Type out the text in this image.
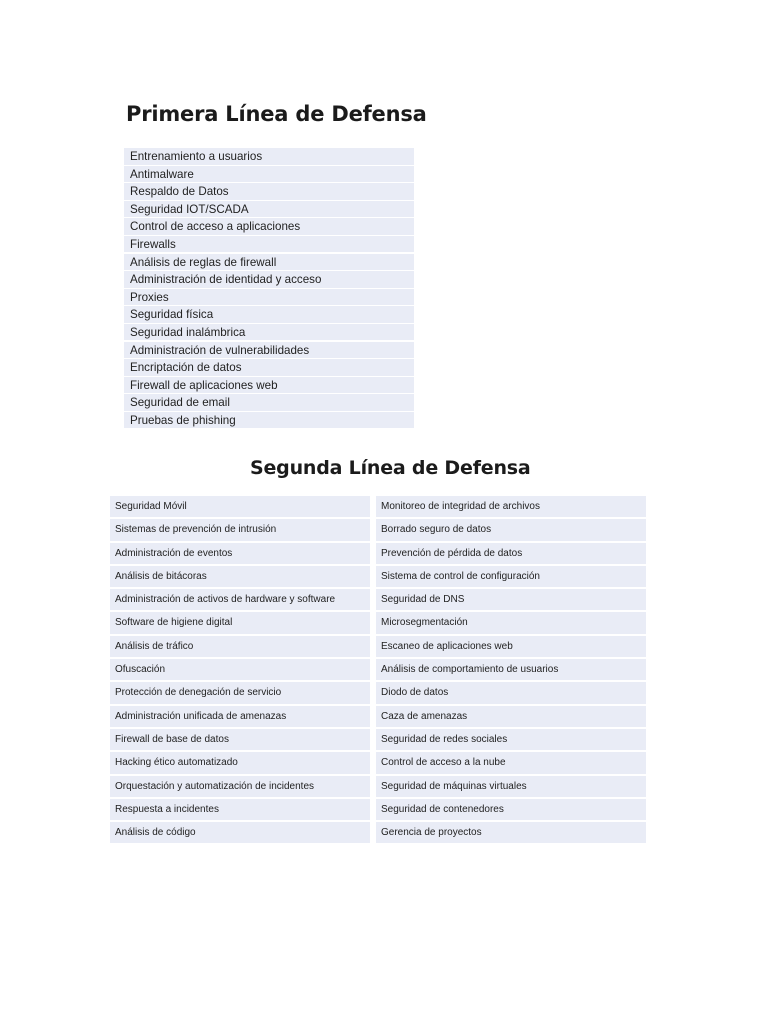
Primera Línea de Defensa
Entrenamiento a usuarios
Antimalware
Respaldo de Datos
Seguridad IOT/SCADA
Control de acceso a aplicaciones
Firewalls
Análisis de reglas de firewall
Administración de identidad y acceso
Proxies
Seguridad física
Seguridad inalámbrica
Administración de vulnerabilidades
Encriptación de datos
Firewall de aplicaciones web
Seguridad de email
Pruebas de phishing
Segunda Línea de Defensa
Seguridad Móvil
Sistemas de prevención de intrusión
Administración de eventos
Análisis de bitácoras
Administración de activos de hardware y software
Software de higiene digital
Análisis de tráfico
Ofuscación
Protección de denegación de servicio
Administración unificada de amenazas
Firewall de base de datos
Hacking ético automatizado
Orquestación y automatización de incidentes
Respuesta a incidentes
Análisis de código
Monitoreo de integridad de archivos
Borrado seguro de datos
Prevención de pérdida de datos
Sistema de control de configuración
Seguridad de DNS
Microsegmentación
Escaneo de aplicaciones web
Análisis de comportamiento de usuarios
Diodo de datos
Caza de amenazas
Seguridad de redes sociales
Control de acceso a la nube
Seguridad de máquinas virtuales
Seguridad de contenedores
Gerencia de proyectos
